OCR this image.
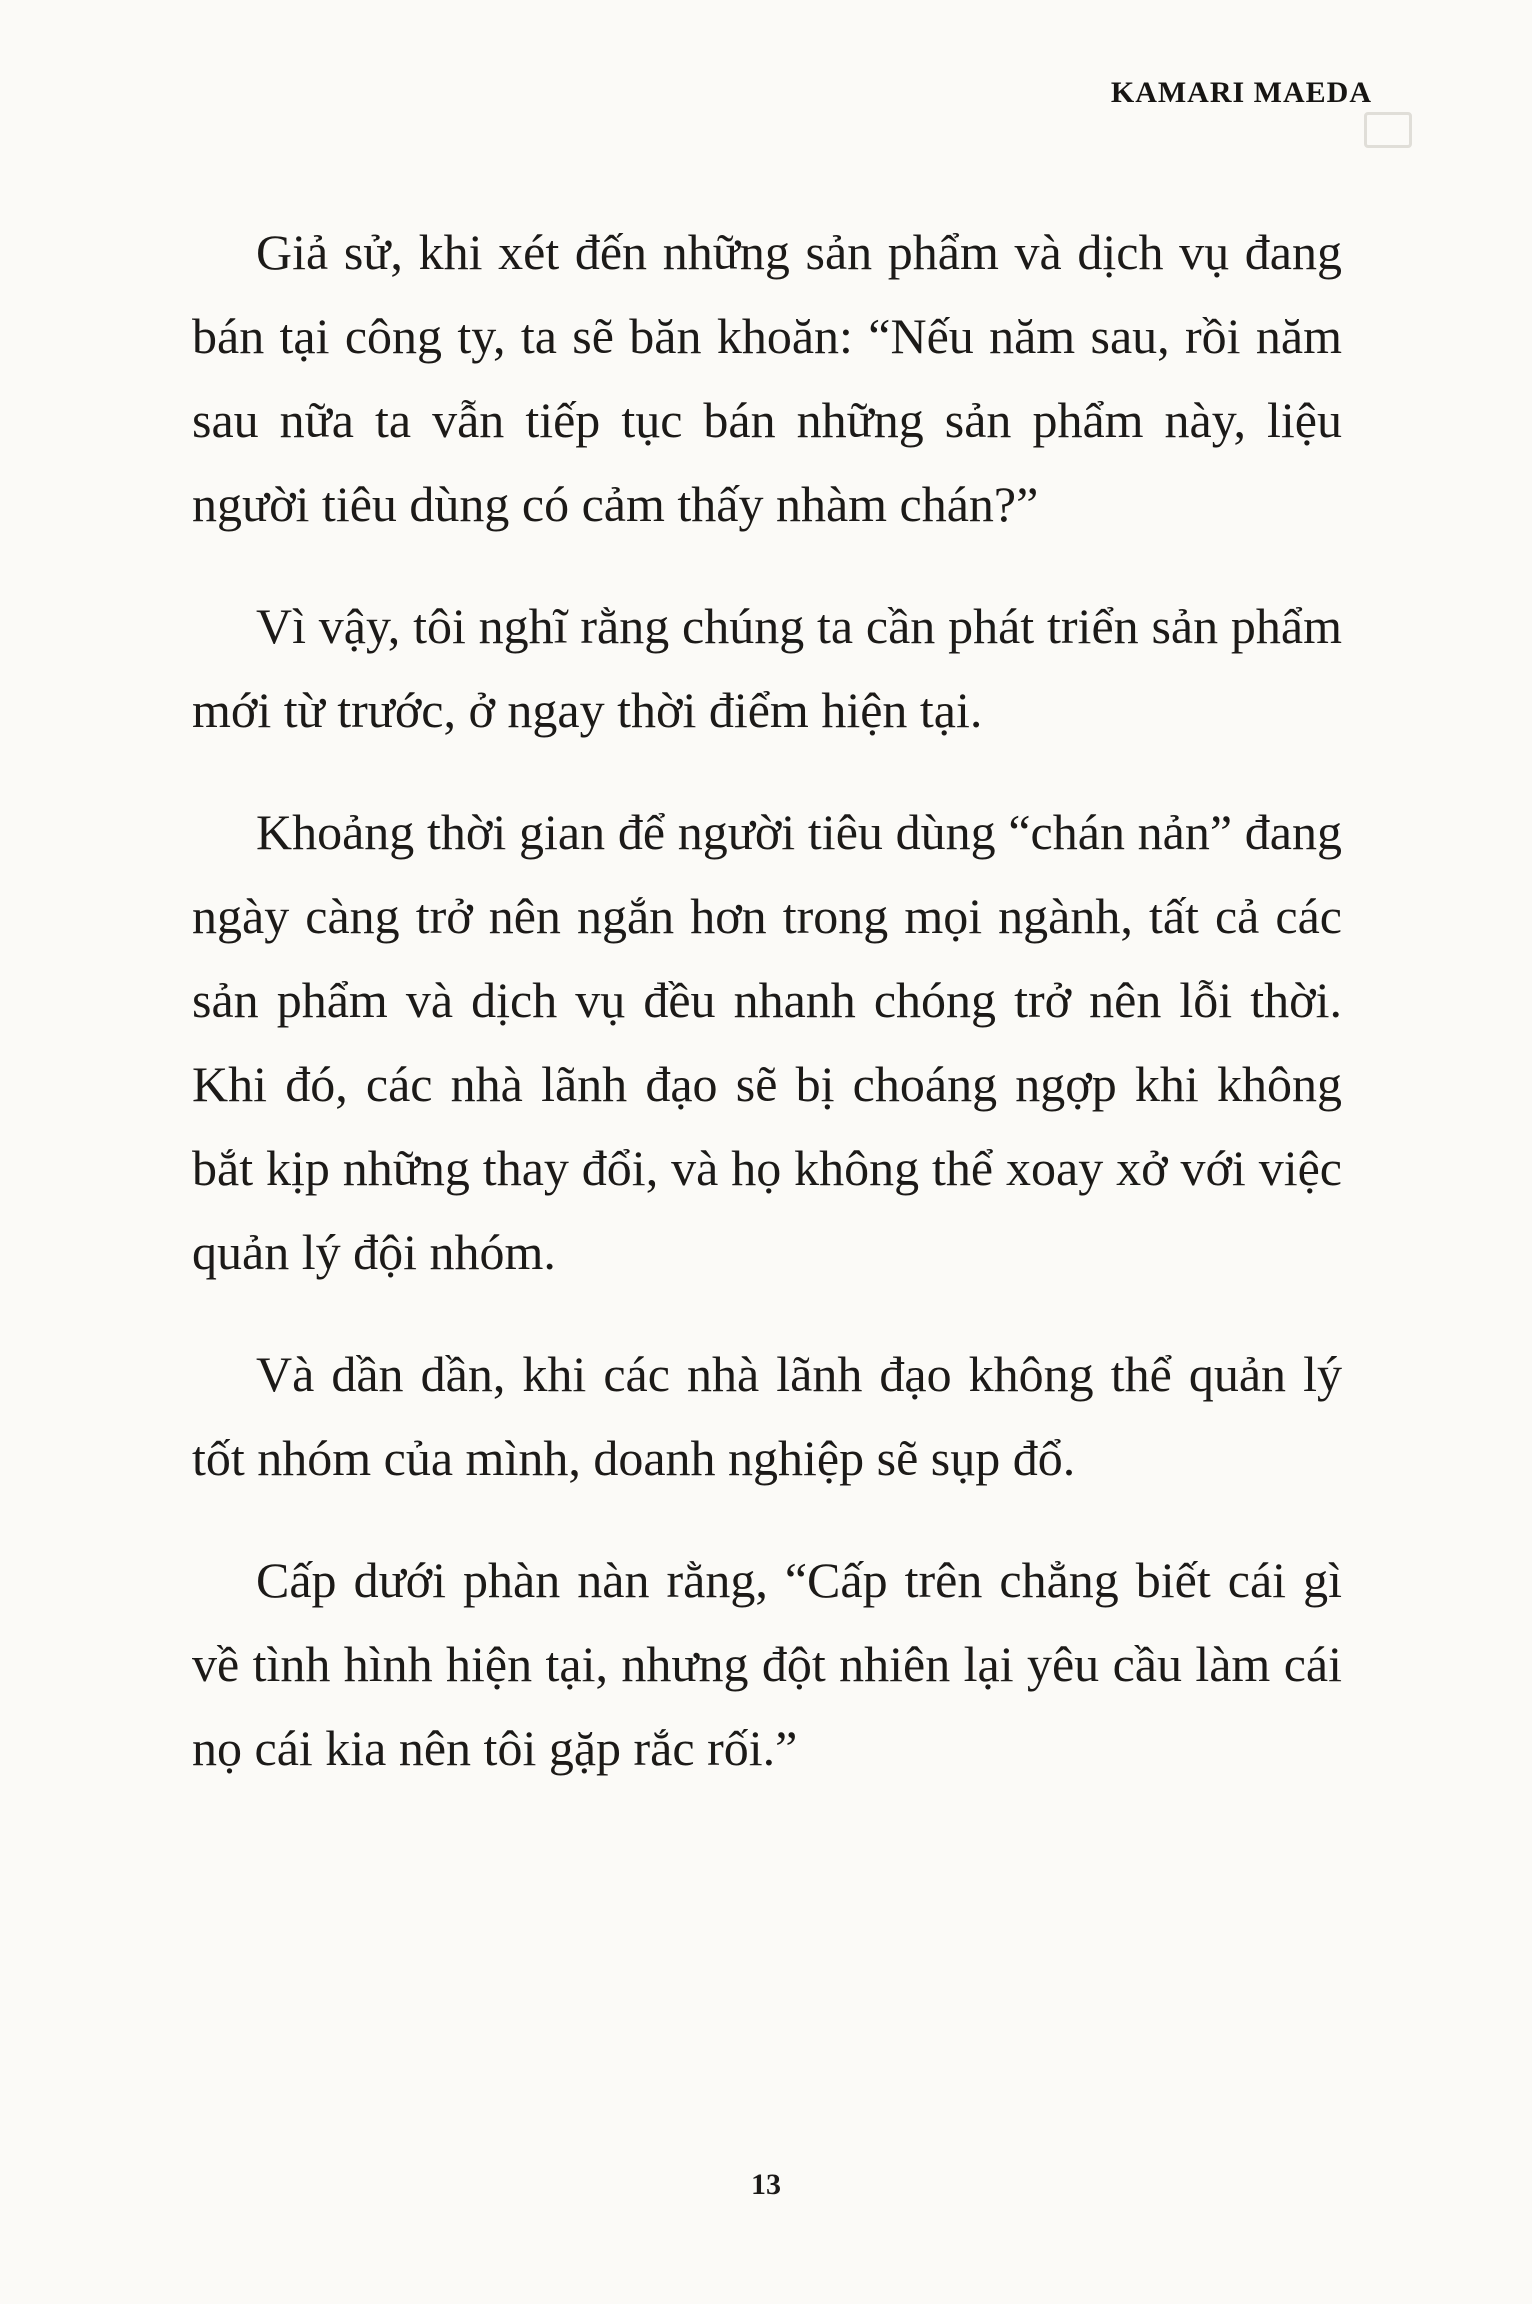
KAMARI MAEDA

Giả sử, khi xét đến những sản phẩm và dịch vụ đang bán tại công ty, ta sẽ băn khoăn: “Nếu năm sau, rồi năm sau nữa ta vẫn tiếp tục bán những sản phẩm này, liệu người tiêu dùng có cảm thấy nhàm chán?”

Vì vậy, tôi nghĩ rằng chúng ta cần phát triển sản phẩm mới từ trước, ở ngay thời điểm hiện tại.

Khoảng thời gian để người tiêu dùng “chán nản” đang ngày càng trở nên ngắn hơn trong mọi ngành, tất cả các sản phẩm và dịch vụ đều nhanh chóng trở nên lỗi thời. Khi đó, các nhà lãnh đạo sẽ bị choáng ngợp khi không bắt kịp những thay đổi, và họ không thể xoay xở với việc quản lý đội nhóm.

Và dần dần, khi các nhà lãnh đạo không thể quản lý tốt nhóm của mình, doanh nghiệp sẽ sụp đổ.

Cấp dưới phàn nàn rằng, “Cấp trên chẳng biết cái gì về tình hình hiện tại, nhưng đột nhiên lại yêu cầu làm cái nọ cái kia nên tôi gặp rắc rối.”

13
